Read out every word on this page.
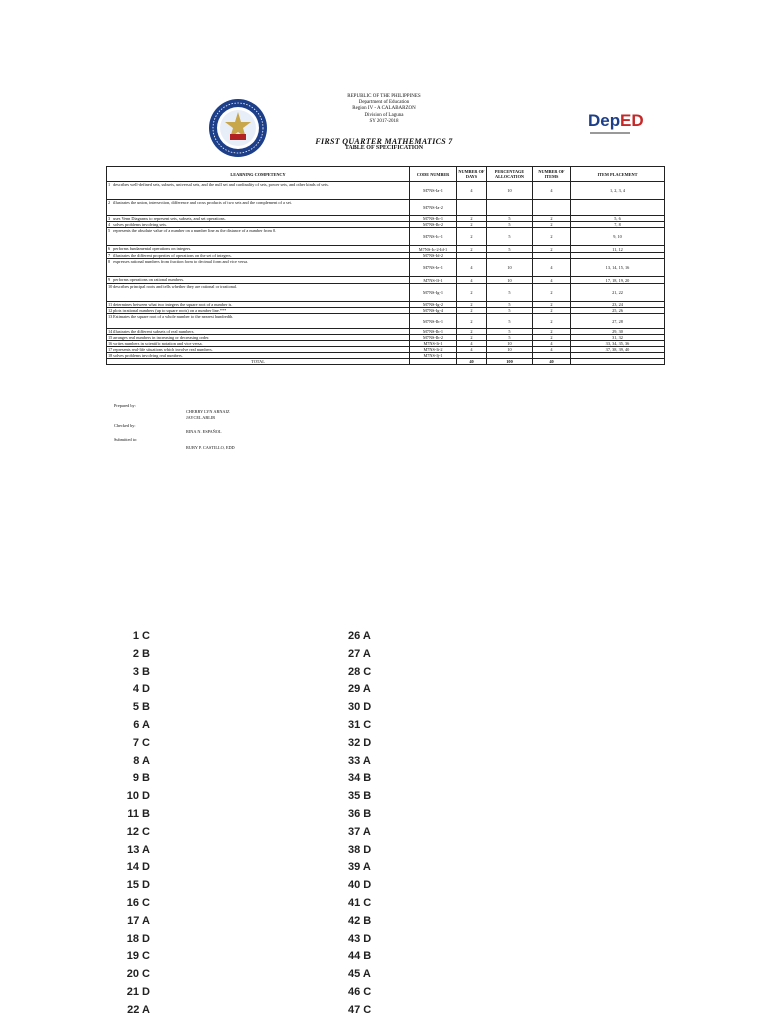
Dep ED
REPUBLIC OF THE PHILIPPINES
Department of Education
Region IV - A CALABARZON
Division of Laguna
SY 2017-2018
FIRST QUARTER MATHEMATICS 7
TABLE OF SPECIFICATION
LEARNING COMPETENCY	CODE NUMBER	NUMBER OF DAYS	PERCENTAGE ALLOCATION	NUMBER OF ITEMS	ITEM PLACEMENT
1 describes well-defined sets, subsets, universal sets, and the null set and cardinality of sets, power sets, and other kinds of sets.	M7NS-Ia-1	4	10	4	1, 2, 3, 4
2 illustrates the union, intersection, difference and cross products of two sets and the complement of a set.	M7NS-Ia-2				
3 uses Venn Diagrams to represent sets, subsets, and set operations.	M7NS-Ib-1	2	5	2	5, 6
4 solves problems involving sets.	M7NS-Ib-2	2	5	2	7, 8
5 represents the absolute value of a number on a number line as the distance of a number from 0.	M7NS-Ic-1	2	5	2	9, 10
6 performs fundamental operations on integers.	M7NS-Ic-2-Id-1	2	5	2	11, 12
7 illustrates the different properties of operations on the set of integers.	M7NS-Id-2				
8 expresses rational numbers from fraction form to decimal form and vice versa.	M7NS-Ie-1	4	10	4	13, 14, 15, 16
9 performs operations on rational numbers.	M7NS-If-1	4	10	4	17, 18, 19, 20
10 describes principal roots and tells whether they are rational or irrational.	M7NS-Ig-1	2	5	2	21, 22
11 determines between what two integers the square root of a number is.	M7NS-Ig-2	2	5	2	23, 24
12 plots irrational numbers (up to square roots) on a number line.***	M7NS-Ig-4	2	5	2	25, 26
13 Estimates the square root of a whole number to the nearest hundredth.	M7NS-Ih-1	2	5	2	27, 28
14 illustrates the different subsets of real numbers.	M7NS-Ih-1	2	5	2	29, 30
15 arranges real numbers in increasing or decreasing order.	M7NS-Ih-2	2	5	2	31, 32
16 writes numbers in scientific notation and vice versa.	M7NS-Ii-1	4	10	4	33, 34, 35, 36
17 represents real-life situations which involve real numbers.	M7NS-Ii-2	4	10	4	37, 38, 39, 40
18 solves problems involving real numbers.	M7NS-Ij-1				
TOTAL		40	100	40	
Prepared by:
CHERRY LYN ARNAIZ
JAYCEL ABLIR
Checked by:
RINA N. ESPAÑOL
Submitted to:
RUBY P. CASTILLO, EDD
1 C
2 B
3 B
4 D
5 B
6 A
7 C
8 A
9 B
10 D
11 B
12 C
13 A
14 D
15 D
16 C
17 A
18 D
19 C
20 C
21 D
22 A
26 A
27 A
28 C
29 A
30 D
31 C
32 D
33 A
34 B
35 B
36 B
37 A
38 D
39 A
40 D
41 C
42 B
43 D
44 B
45 A
46 C
47 C
